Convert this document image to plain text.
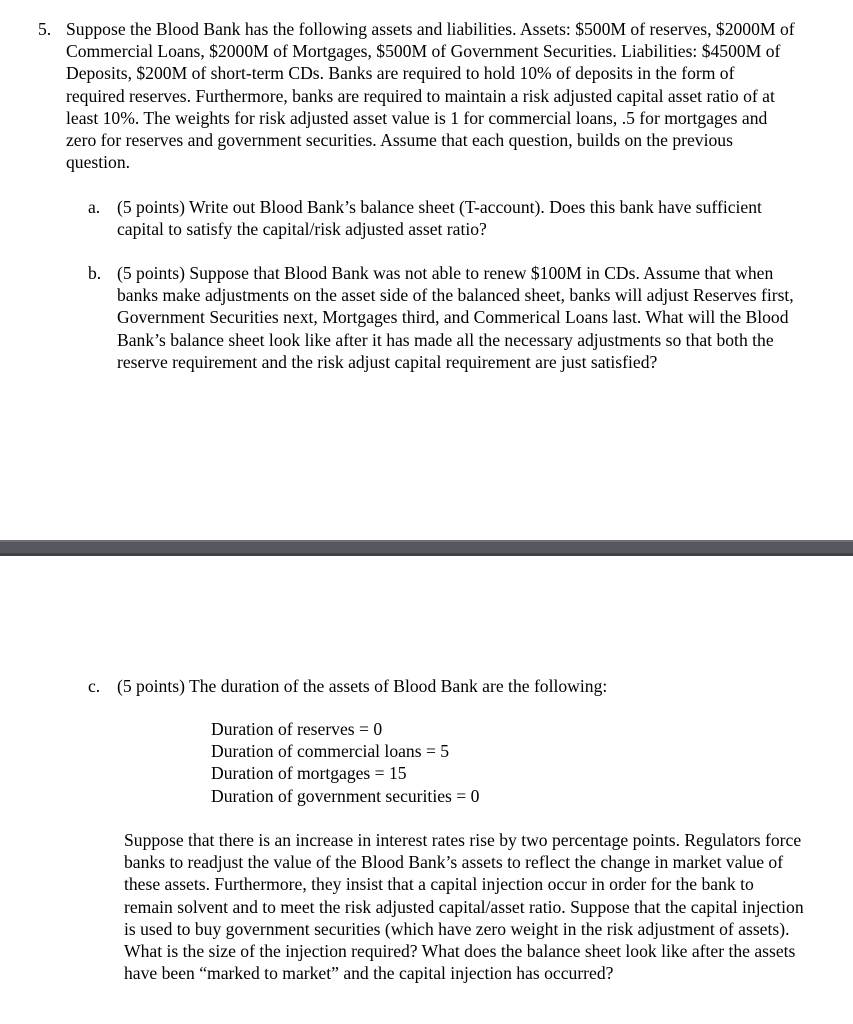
5. Suppose the Blood Bank has the following assets and liabilities. Assets: $500M of reserves, $2000M of Commercial Loans, $2000M of Mortgages, $500M of Government Securities. Liabilities: $4500M of Deposits, $200M of short-term CDs. Banks are required to hold 10% of deposits in the form of required reserves. Furthermore, banks are required to maintain a risk adjusted capital asset ratio of at least 10%. The weights for risk adjusted asset value is 1 for commercial loans, .5 for mortgages and zero for reserves and government securities. Assume that each question, builds on the previous question.

a. (5 points) Write out Blood Bank’s balance sheet (T-account). Does this bank have sufficient capital to satisfy the capital/risk adjusted asset ratio?

b. (5 points) Suppose that Blood Bank was not able to renew $100M in CDs. Assume that when banks make adjustments on the asset side of the balanced sheet, banks will adjust Reserves first, Government Securities next, Mortgages third, and Commerical Loans last. What will the Blood Bank’s balance sheet look like after it has made all the necessary adjustments so that both the reserve requirement and the risk adjust capital requirement are just satisfied?

c. (5 points) The duration of the assets of Blood Bank are the following:

Duration of reserves = 0
Duration of commercial loans = 5
Duration of mortgages = 15
Duration of government securities = 0

Suppose that there is an increase in interest rates rise by two percentage points. Regulators force banks to readjust the value of the Blood Bank’s assets to reflect the change in market value of these assets. Furthermore, they insist that a capital injection occur in order for the bank to remain solvent and to meet the risk adjusted capital/asset ratio. Suppose that the capital injection is used to buy government securities (which have zero weight in the risk adjustment of assets). What is the size of the injection required? What does the balance sheet look like after the assets have been “marked to market” and the capital injection has occurred?
